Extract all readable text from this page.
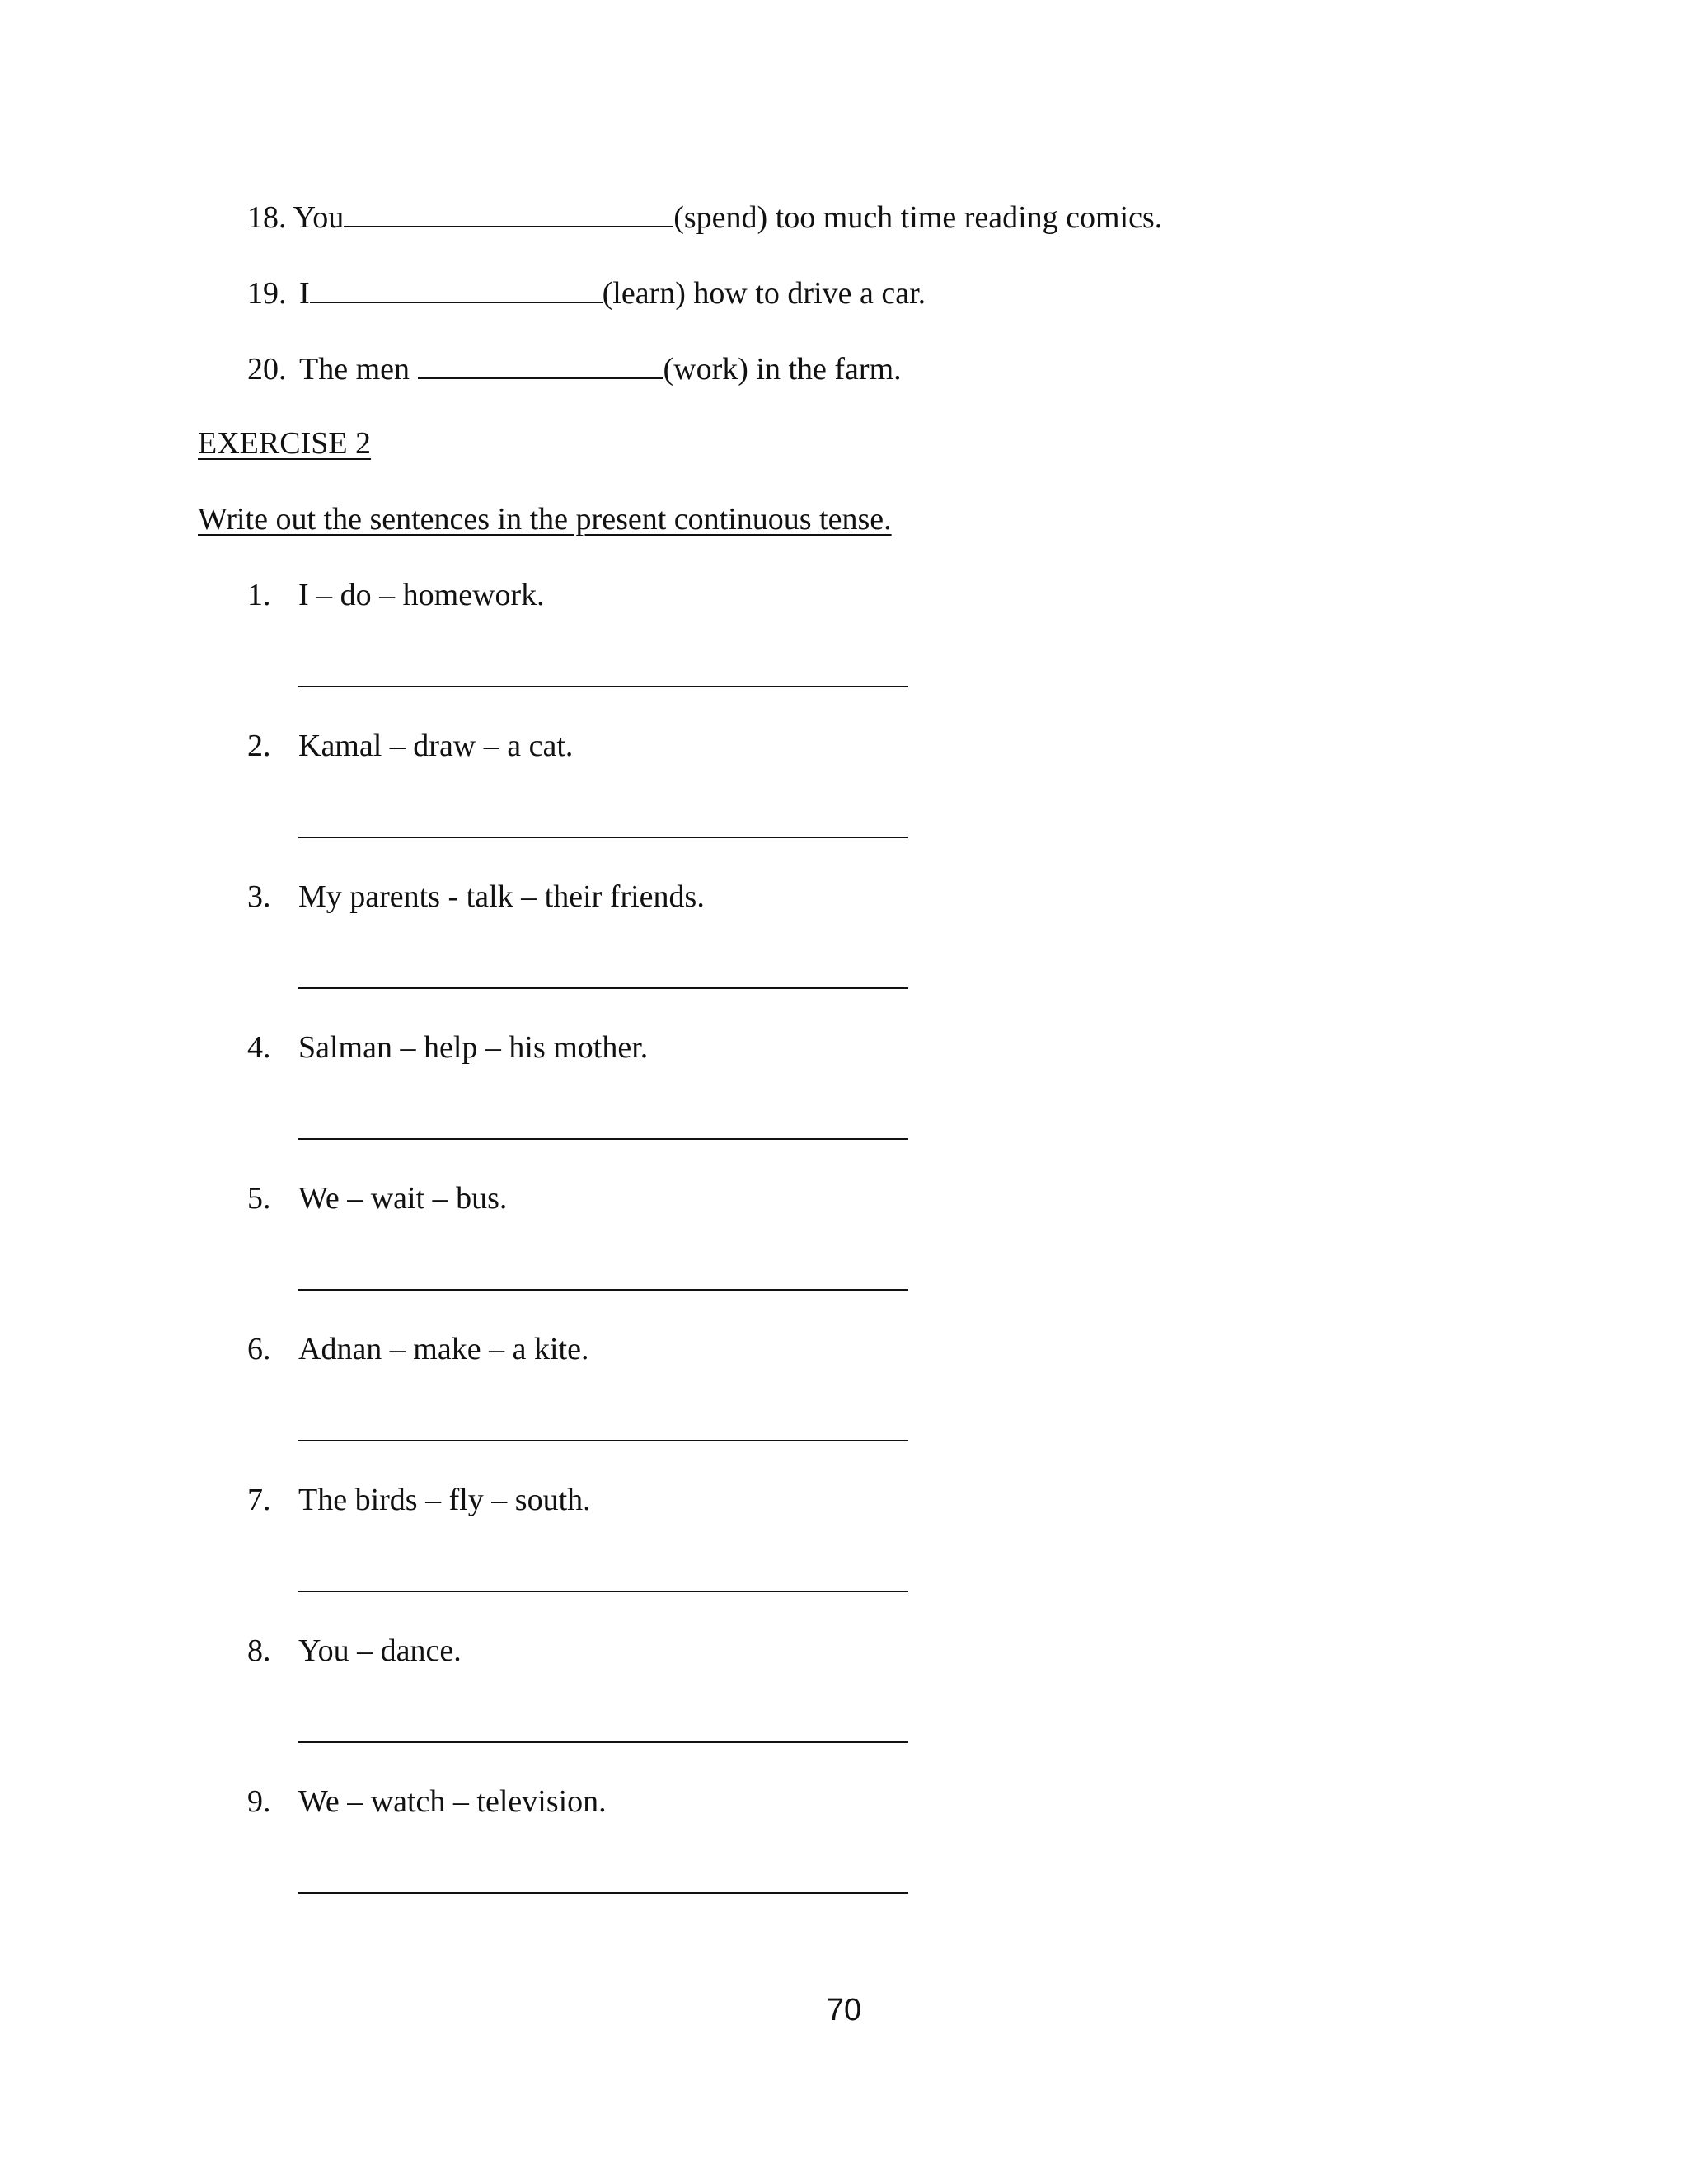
18. You	(spend) too much time reading comics.
19. I	(learn) how to drive a car.
20. The men	(work) in the farm.
EXERCISE 2
Write out the sentences in the present continuous tense.
1. I – do – homework.
2. Kamal – draw – a cat.
3. My parents - talk – their friends.
4. Salman – help – his mother.
5. We – wait – bus.
6. Adnan – make – a kite.
7. The birds – fly – south.
8. You – dance.
9. We – watch – television.
70
